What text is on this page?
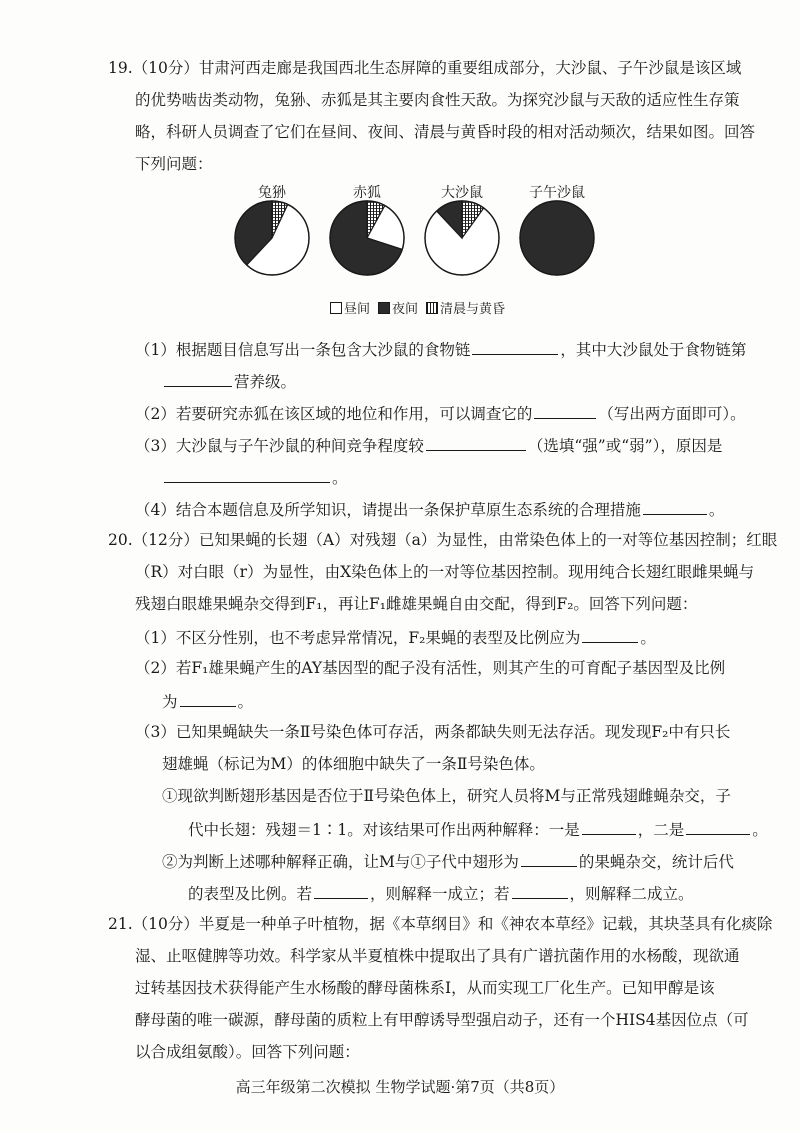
19.（10分）甘肃河西走廊是我国西北生态屏障的重要组成部分，大沙鼠、子午沙鼠是该区域
的优势啮齿类动物，兔狲、赤狐是其主要肉食性天敌。为探究沙鼠与天敌的适应性生存策
略，科研人员调查了它们在昼间、夜间、清晨与黄昏时段的相对活动频次，结果如图。回答
下列问题：
兔狲	赤狐	大沙鼠	子午沙鼠
昼间 夜间 清晨与黄昏
（1）根据题目信息写出一条包含大沙鼠的食物链	，其中大沙鼠处于食物链第
营养级。
（2）若要研究赤狐在该区域的地位和作用，可以调查它的	（写出两方面即可）。
（3）大沙鼠与子午沙鼠的种间竞争程度较	（选填“强”或“弱”），原因是
。
（4）结合本题信息及所学知识，请提出一条保护草原生态系统的合理措施	。
20.（12分）已知果蝇的长翅（A）对残翅（a）为显性，由常染色体上的一对等位基因控制；红眼
（R）对白眼（r）为显性，由X染色体上的一对等位基因控制。现用纯合长翅红眼雌果蝇与
残翅白眼雄果蝇杂交得到F₁，再让F₁雌雄果蝇自由交配，得到F₂。回答下列问题：
（1）不区分性别，也不考虑异常情况，F₂果蝇的表型及比例应为	。
（2）若F₁雄果蝇产生的AY基因型的配子没有活性，则其产生的可育配子基因型及比例
为	。
（3）已知果蝇缺失一条Ⅱ号染色体可存活，两条都缺失则无法存活。现发现F₂中有只长
翅雄蝇（标记为M）的体细胞中缺失了一条Ⅱ号染色体。
①现欲判断翅形基因是否位于Ⅱ号染色体上，研究人员将M与正常残翅雌蝇杂交，子
代中长翅：残翅＝1∶1。对该结果可作出两种解释：一是	，二是	。
②为判断上述哪种解释正确，让M与①子代中翅形为	的果蝇杂交，统计后代
的表型及比例。若	，则解释一成立；若	，则解释二成立。
21.（10分）半夏是一种单子叶植物，据《本草纲目》和《神农本草经》记载，其块茎具有化痰除
湿、止呕健脾等功效。科学家从半夏植株中提取出了具有广谱抗菌作用的水杨酸，现欲通
过转基因技术获得能产生水杨酸的酵母菌株系Ⅰ，从而实现工厂化生产。已知甲醇是该
酵母菌的唯一碳源，酵母菌的质粒上有甲醇诱导型强启动子，还有一个HIS4基因位点（可
以合成组氨酸）。回答下列问题：
高三年级第二次模拟 生物学试题·第7页（共8页）
